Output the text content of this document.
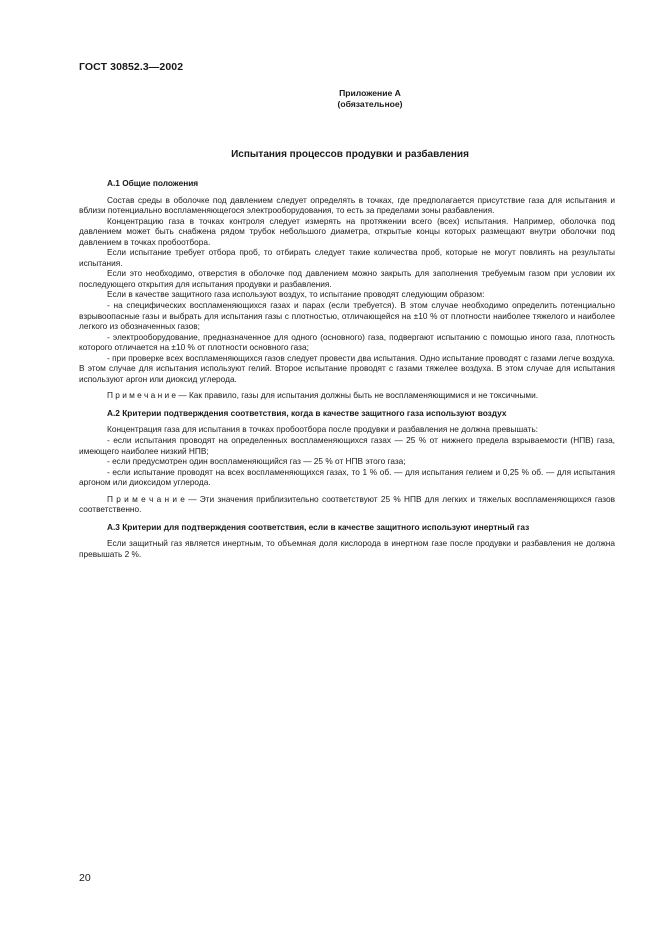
ГОСТ 30852.3—2002
Приложение А
(обязательное)
Испытания процессов продувки и разбавления
А.1 Общие положения

Состав среды в оболочке под давлением следует определять в точках, где предполагается присутствие газа для испытания и вблизи потенциально воспламеняющегося электрооборудования, то есть за пределами зоны разбавления.

Концентрацию газа в точках контроля следует измерять на протяжении всего (всех) испытания. Например, оболочка под давлением может быть снабжена рядом трубок небольшого диаметра, открытые концы которых размещают внутри оболочки под давлением в точках пробоотбора.

Если испытание требует отбора проб, то отбирать следует такие количества проб, которые не могут повлиять на результаты испытания.

Если это необходимо, отверстия в оболочке под давлением можно закрыть для заполнения требуемым газом при условии их последующего открытия для испытания продувки и разбавления.

Если в качестве защитного газа используют воздух, то испытание проводят следующим образом:

- на специфических воспламеняющихся газах и парах (если требуется). В этом случае необходимо определить потенциально взрывоопасные газы и выбрать для испытания газы с плотностью, отличающейся на ±10 % от плотности наиболее тяжелого и наиболее легкого из обозначенных газов;

- электрооборудование, предназначенное для одного (основного) газа, подвергают испытанию с помощью иного газа, плотность которого отличается на ±10 % от плотности основного газа;

- при проверке всех воспламеняющихся газов следует провести два испытания. Одно испытание проводят с газами легче воздуха. В этом случае для испытания используют гелий. Второе испытание проводят с газами тяжелее воздуха. В этом случае для испытания используют аргон или диоксид углерода.

П р и м е ч а н и е — Как правило, газы для испытания должны быть не воспламеняющимися и не токсичными.

А.2 Критерии подтверждения соответствия, когда в качестве защитного газа используют воздух

Концентрация газа для испытания в точках пробоотбора после продувки и разбавления не должна превышать:

- если испытания проводят на определенных воспламеняющихся газах — 25 % от нижнего предела взрываемости (НПВ) газа, имеющего наиболее низкий НПВ;

- если предусмотрен один воспламеняющийся газ — 25 % от НПВ этого газа;

- если испытание проводят на всех воспламеняющихся газах, то 1 % об. — для испытания гелием и 0,25 % об. — для испытания аргоном или диоксидом углерода.

П р и м е ч а н и е — Эти значения приблизительно соответствуют 25 % НПВ для легких и тяжелых воспламеняющихся газов соответственно.

А.3 Критерии для подтверждения соответствия, если в качестве защитного используют инертный газ

Если защитный газ является инертным, то объемная доля кислорода в инертном газе после продувки и разбавления не должна превышать 2 %.

20
